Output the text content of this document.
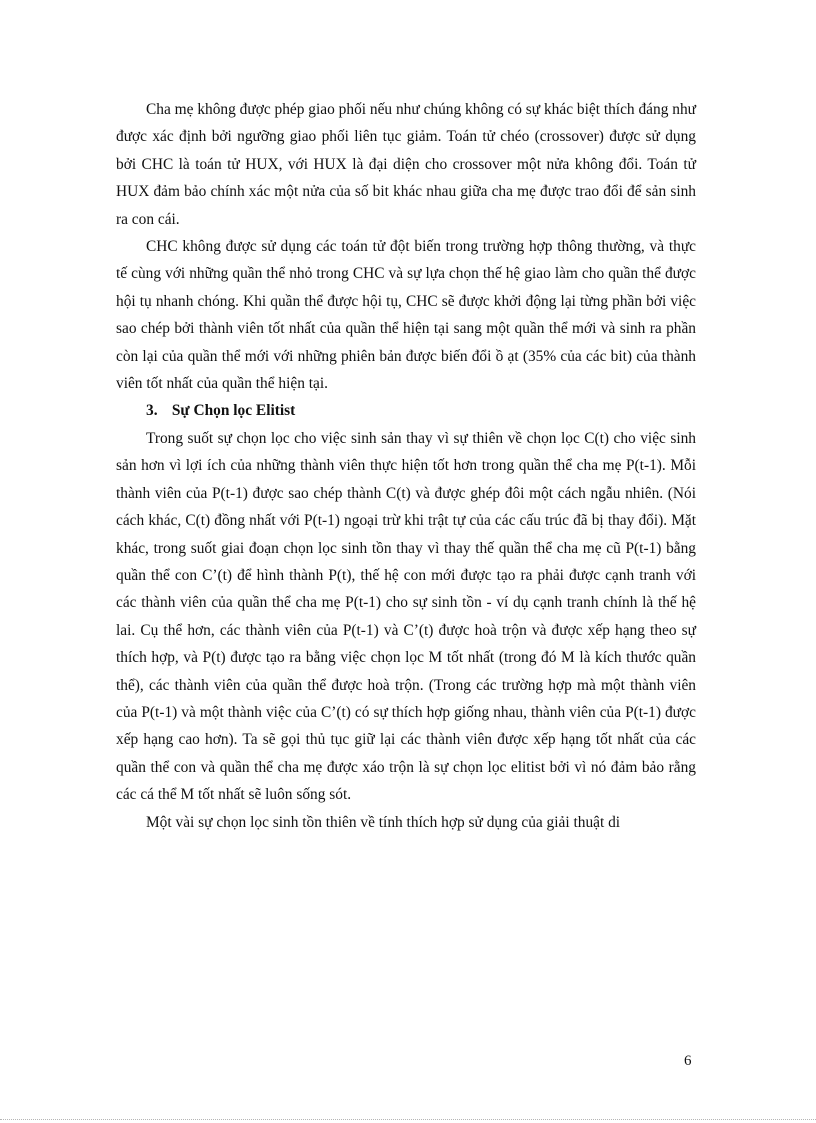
Cha mẹ không được phép giao phối nếu như chúng không có sự khác biệt thích đáng như được xác định bởi ngưỡng giao phối liên tục giảm. Toán tử chéo (crossover) được sử dụng bởi CHC là toán tử HUX, với HUX là đại diện cho crossover một nửa không đổi. Toán tử HUX đảm bảo chính xác một nửa của số bit khác nhau giữa cha mẹ được trao đổi để sản sinh ra con cái.

CHC không được sử dụng các toán tử đột biến trong trường hợp thông thường, và thực tế cùng với những quần thể nhỏ trong CHC và sự lựa chọn thế hệ giao làm cho quần thể được hội tụ nhanh chóng. Khi quần thể được hội tụ, CHC sẽ được khởi động lại từng phần bởi việc sao chép bởi thành viên tốt nhất của quần thể hiện tại sang một quần thể mới và sinh ra phần còn lại của quần thể mới với những phiên bản được biến đổi ồ ạt (35% của các bit) của thành viên tốt nhất của quần thể hiện tại.

3. Sự Chọn lọc Elitist

Trong suốt sự chọn lọc cho việc sinh sản thay vì sự thiên về chọn lọc C(t) cho việc sinh sản hơn vì lợi ích của những thành viên thực hiện tốt hơn trong quần thể cha mẹ P(t-1). Mỗi thành viên của P(t-1) được sao chép thành C(t) và được ghép đôi một cách ngẫu nhiên. (Nói cách khác, C(t) đồng nhất với P(t-1) ngoại trừ khi trật tự của các cấu trúc đã bị thay đổi). Mặt khác, trong suốt giai đoạn chọn lọc sinh tồn thay vì thay thế quần thể cha mẹ cũ P(t-1) bằng quần thể con C’(t) để hình thành P(t), thế hệ con mới được tạo ra phải được cạnh tranh với các thành viên của quần thể cha mẹ P(t-1) cho sự sinh tồn - ví dụ cạnh tranh chính là thế hệ lai. Cụ thể hơn, các thành viên của P(t-1) và C’(t) được hoà trộn và được xếp hạng theo sự thích hợp, và P(t) được tạo ra bằng việc chọn lọc M tốt nhất (trong đó M là kích thước quần thể), các thành viên của quần thể được hoà trộn. (Trong các trường hợp mà một thành viên của P(t-1) và một thành việc của C’(t) có sự thích hợp giống nhau, thành viên của P(t-1) được xếp hạng cao hơn). Ta sẽ gọi thủ tục giữ lại các thành viên được xếp hạng tốt nhất của các quần thể con và quần thể cha mẹ được xáo trộn là sự chọn lọc elitist bởi vì nó đảm bảo rằng các cá thể M tốt nhất sẽ luôn sống sót.

Một vài sự chọn lọc sinh tồn thiên về tính thích hợp sử dụng của giải thuật di

6
